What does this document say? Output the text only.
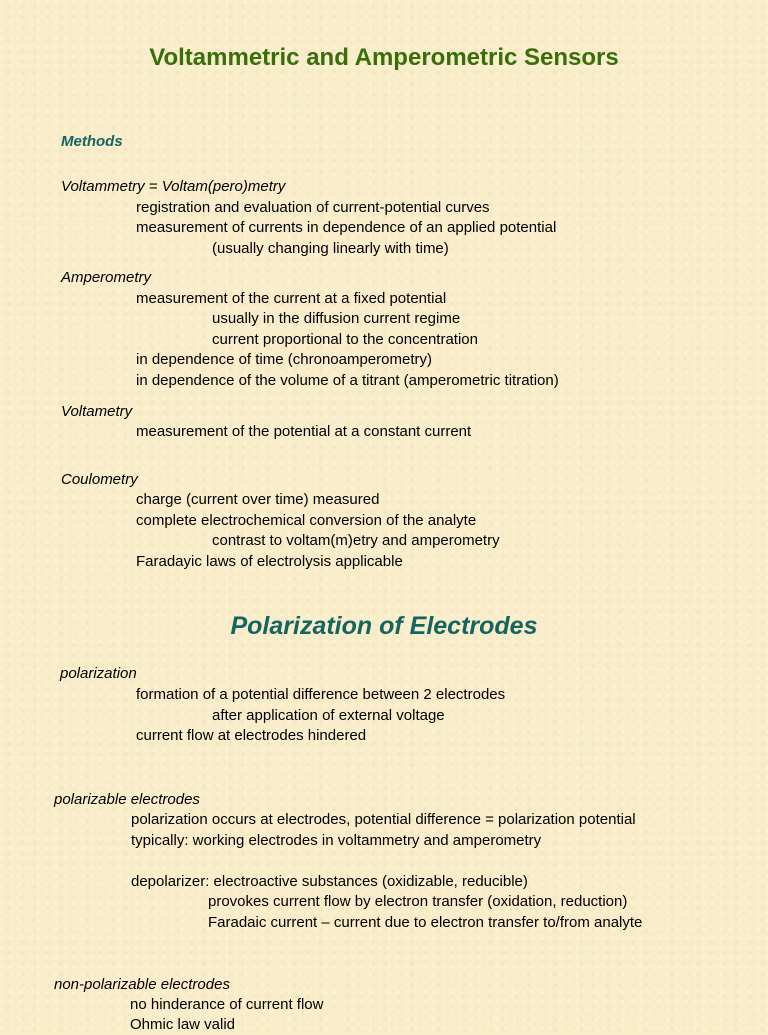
Voltammetric and Amperometric Sensors

Methods

Voltammetry = Voltam(pero)metry

registration and evaluation of current-potential curves

measurement of currents in dependence of an applied potential

(usually changing linearly with time)

Amperometry

measurement of the current at a fixed potential

usually in the diffusion current regime

current proportional to the concentration

in dependence of time (chronoamperometry)

in dependence of the volume of a titrant (amperometric titration)

Voltametry

measurement of the potential at a constant current

Coulometry

charge (current over time) measured

complete electrochemical conversion of the analyte

contrast to voltam(m)etry and amperometry

Faradayic laws of electrolysis applicable

Polarization of Electrodes

polarization

formation of a potential difference between 2 electrodes

after application of external voltage

current flow at electrodes hindered

polarizable electrodes

polarization occurs at electrodes, potential difference = polarization potential

typically: working electrodes in voltammetry and amperometry

depolarizer: electroactive substances (oxidizable, reducible)

provokes current flow by electron transfer (oxidation, reduction)

Faradaic current – current due to electron transfer to/from analyte

non-polarizable electrodes

no hinderance of current flow

Ohmic law valid
